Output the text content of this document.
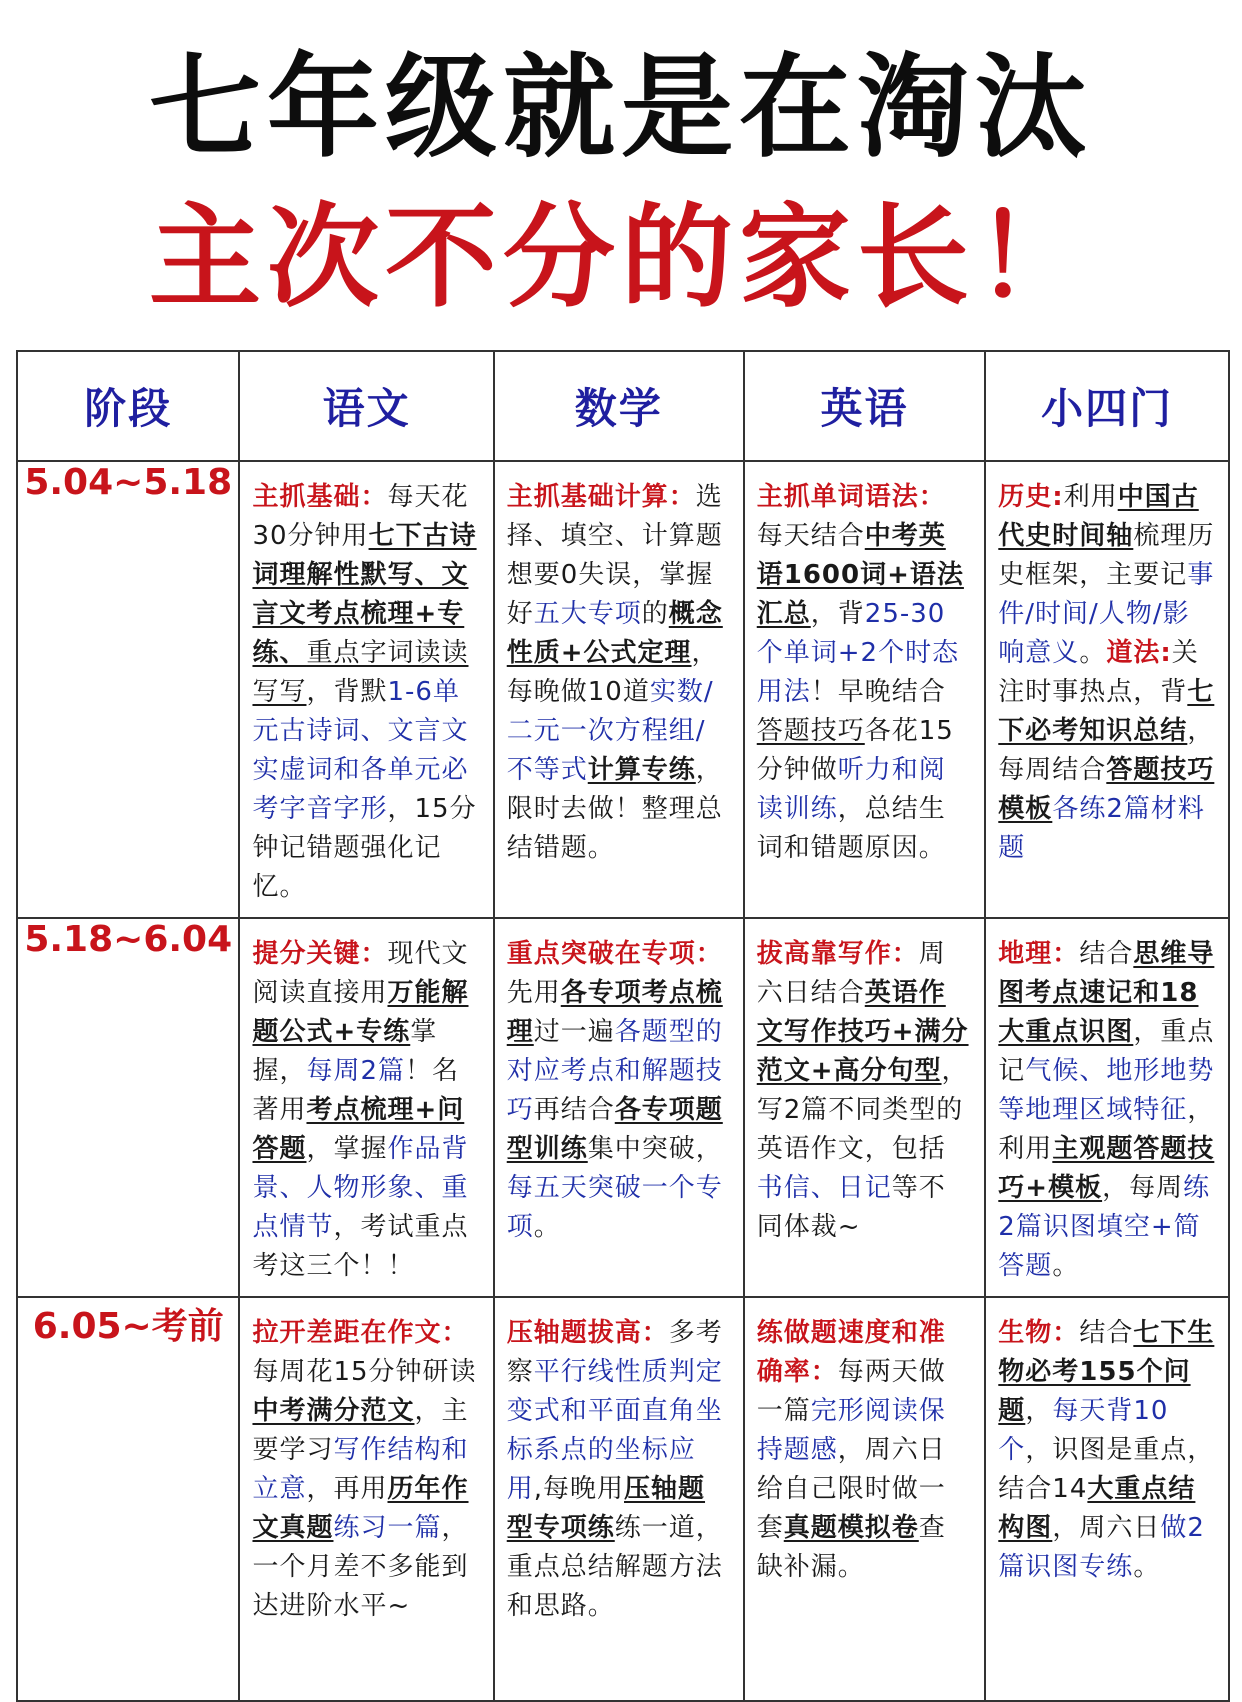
七年级就是在淘汰
主次不分的家长！
阶段	语文	数学	英语	小四门
5.04~5.18	主抓基础：每天花30分钟用七下古诗词理解性默写、文言文考点梳理+专练、重点字词读读写写，背默1-6单元古诗词、文言文实虚词和各单元必考字音字形，15分钟记错题强化记忆。	主抓基础计算：选择、填空、计算题想要0失误，掌握好五大专项的概念性质+公式定理，每晚做10道实数/二元一次方程组/不等式计算专练，限时去做！整理总结错题。	主抓单词语法：每天结合中考英语1600词+语法汇总，背25-30个单词+2个时态用法！早晚结合答题技巧各花15分钟做听力和阅读训练，总结生词和错题原因。	历史:利用中国古代史时间轴梳理历史框架，主要记事件/时间/人物/影响意义。道法:关注时事热点，背七下必考知识总结，每周结合答题技巧模板各练2篇材料题

5.18~6.04	提分关键：现代文阅读直接用万能解题公式+专练掌握，每周2篇！名著用考点梳理+问答题，掌握作品背景、人物形象、重点情节，考试重点考这三个！！	重点突破在专项：先用各专项考点梳理过一遍各题型的对应考点和解题技巧再结合各专项题型训练集中突破，每五天突破一个专项。	拔高靠写作：周六日结合英语作文写作技巧+满分范文+高分句型，写2篇不同类型的英语作文，包括书信、日记等不同体裁~	地理：结合思维导图考点速记和18大重点识图，重点记气候、地形地势等地理区域特征，利用主观题答题技巧+模板，每周练2篇识图填空+简答题。

6.05~考前	拉开差距在作文：每周花15分钟研读中考满分范文，主要学习写作结构和立意，再用历年作文真题练习一篇，一个月差不多能到达进阶水平~	压轴题拔高：多考察平行线性质判定变式和平面直角坐标系点的坐标应用,每晚用压轴题型专项练练一道，重点总结解题方法和思路。	练做题速度和准确率：每两天做一篇完形阅读保持题感，周六日给自己限时做一套真题模拟卷查缺补漏。	生物：结合七下生物必考155个问题，每天背10个，识图是重点，结合14大重点结构图，周六日做2篇识图专练。
